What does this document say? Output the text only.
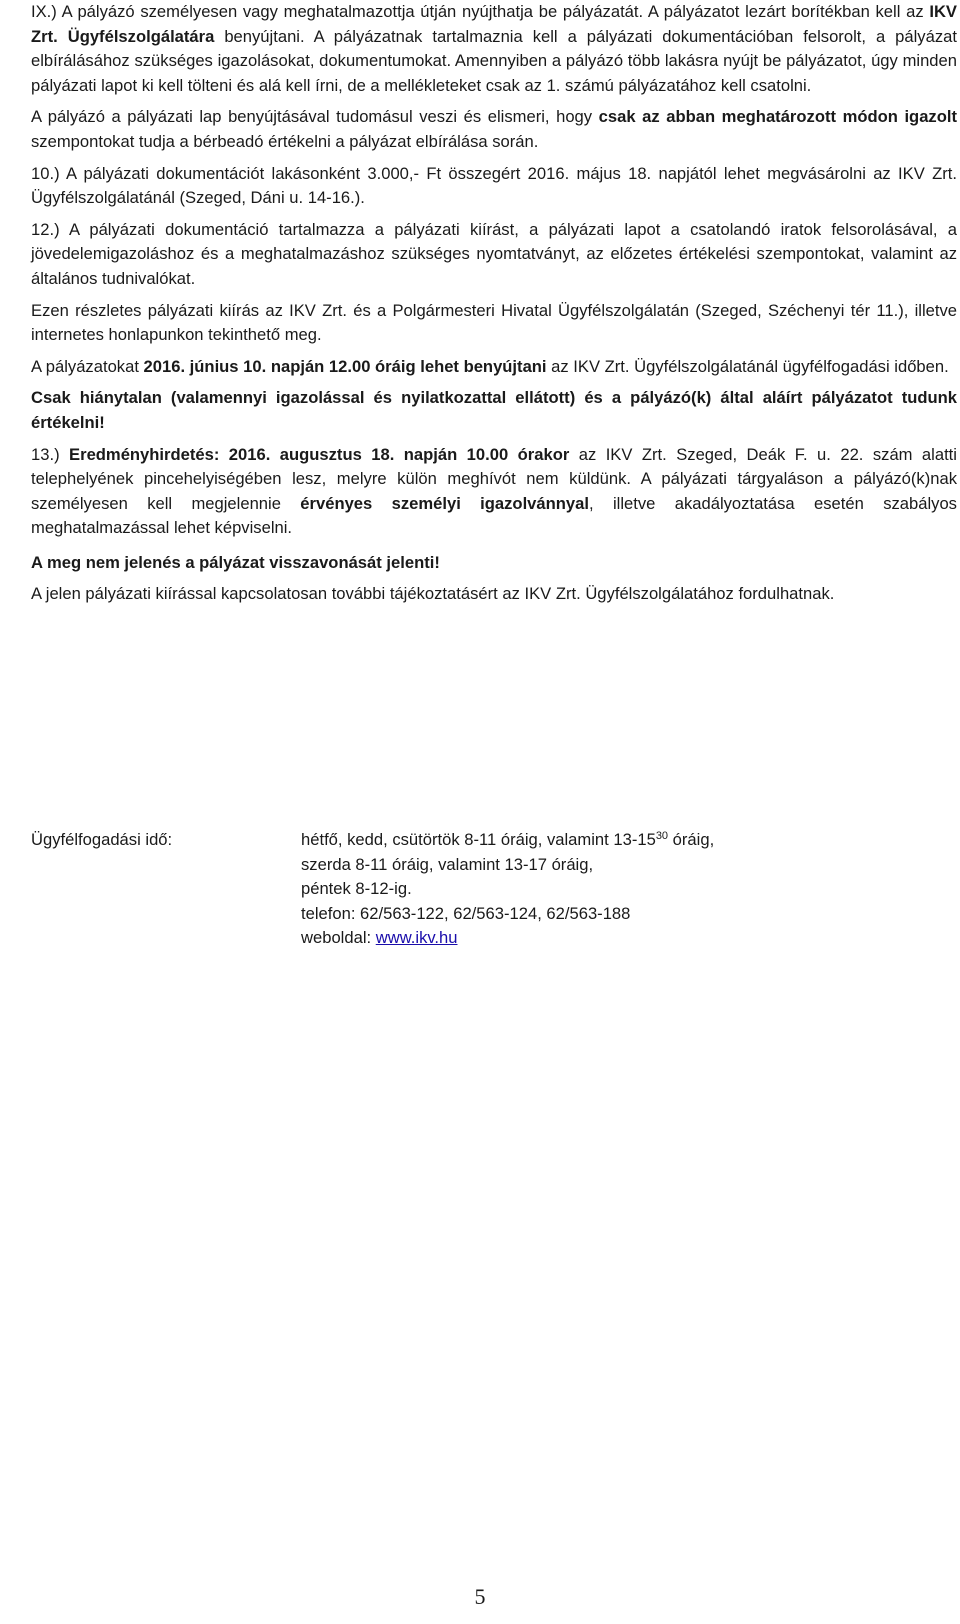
IX.) A pályázó személyesen vagy meghatalmazottja útján nyújthatja be pályázatát. A pályázatot lezárt borítékban kell az IKV Zrt. Ügyfélszolgálatára benyújtani. A pályázatnak tartalmaznia kell a pályázati dokumentációban felsorolt, a pályázat elbírálásához szükséges igazolásokat, dokumentumokat. Amennyiben a pályázó több lakásra nyújt be pályázatot, úgy minden pályázati lapot ki kell tölteni és alá kell írni, de a mellékleteket csak az 1. számú pályázatához kell csatolni.

A pályázó a pályázati lap benyújtásával tudomásul veszi és elismeri, hogy csak az abban meghatározott módon igazolt szempontokat tudja a bérbeadó értékelni a pályázat elbírálása során.

10.) A pályázati dokumentációt lakásonként 3.000,- Ft összegért 2016. május 18. napjától lehet megvásárolni az IKV Zrt. Ügyfélszolgálatánál (Szeged, Dáni u. 14-16.).

12.) A pályázati dokumentáció tartalmazza a pályázati kiírást, a pályázati lapot a csatolandó iratok felsorolásával, a jövedelemigazoláshoz és a meghatalmazáshoz szükséges nyomtatványt, az előzetes értékelési szempontokat, valamint az általános tudnivalókat.

Ezen részletes pályázati kiírás az IKV Zrt. és a Polgármesteri Hivatal Ügyfélszolgálatán (Szeged, Széchenyi tér 11.), illetve internetes honlapunkon tekinthető meg.

A pályázatokat 2016. június 10. napján 12.00 óráig lehet benyújtani az IKV Zrt. Ügyfélszolgálatánál ügyfélfogadási időben.

Csak hiánytalan (valamennyi igazolással és nyilatkozattal ellátott) és a pályázó(k) által aláírt pályázatot tudunk értékelni!

13.) Eredményhirdetés: 2016. augusztus 18. napján 10.00 órakor az IKV Zrt. Szeged, Deák F. u. 22. szám alatti telephelyének pincehelyiségében lesz, melyre külön meghívót nem küldünk. A pályázati tárgyaláson a pályázó(k)nak személyesen kell megjelennie érvényes személyi igazolvánnyal, illetve akadályoztatása esetén szabályos meghatalmazással lehet képviselni.

A meg nem jelenés a pályázat visszavonását jelenti!

A jelen pályázati kiírással kapcsolatosan további tájékoztatásért az IKV Zrt. Ügyfélszolgálatához fordulhatnak.

Ügyfélfogadási idő:	hétfő, kedd, csütörtök 8-11 óráig, valamint $13-15^{30}$ óráig,
szerda 8-11 óráig, valamint 13-17 óráig,
péntek 8-12-ig.
telefon: 62/563-122, 62/563-124, 62/563-188
weboldal: www.ikv.hu
5
